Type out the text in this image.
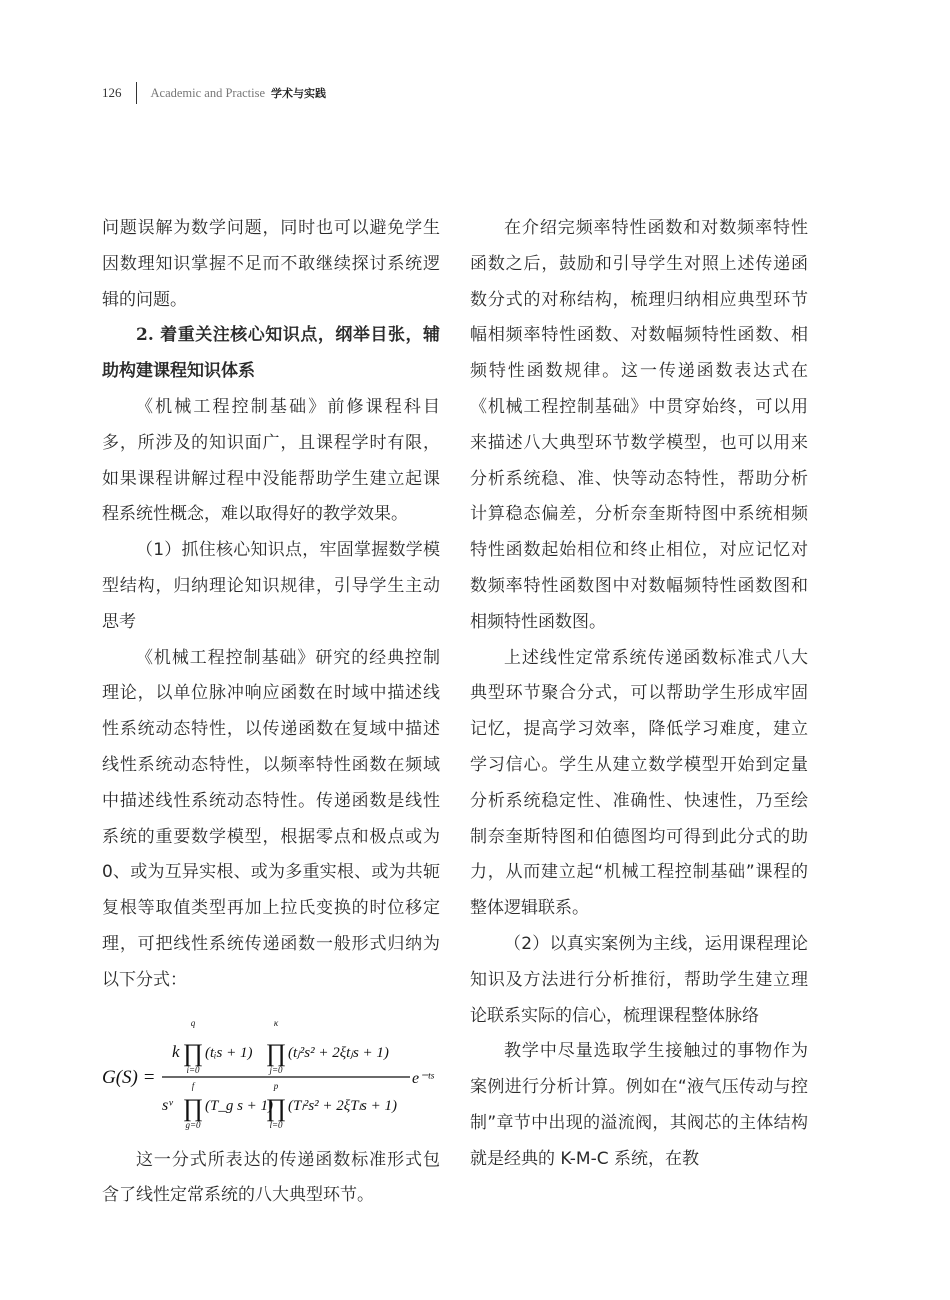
126 Academic and Practise 学术与实践

问题误解为数学问题，同时也可以避免学生因数理知识掌握不足而不敢继续探讨系统逻辑的问题。

2. 着重关注核心知识点，纲举目张，辅助构建课程知识体系

《机械工程控制基础》前修课程科目多，所涉及的知识面广，且课程学时有限，如果课程讲解过程中没能帮助学生建立起课程系统性概念，难以取得好的教学效果。

（1）抓住核心知识点，牢固掌握数学模型结构，归纳理论知识规律，引导学生主动思考

《机械工程控制基础》研究的经典控制理论，以单位脉冲响应函数在时域中描述线性系统动态特性，以传递函数在复域中描述线性系统动态特性，以频率特性函数在频域中描述线性系统动态特性。传递函数是线性系统的重要数学模型，根据零点和极点或为 0、或为互异实根、或为多重实根、或为共轭复根等取值类型再加上拉氏变换的时位移定理，可把线性系统传递函数一般形式归纳为以下分式：

G(S) =
k
q
∏
i=0
(tᵢs + 1)
κ
∏
j=0
(tⱼ²s² + 2ξtⱼs + 1)
e⁻ᵗˢ
sᵛ
f
∏
g=0
(T_g s + 1)
p
∏
l=0
(Tₗ²s² + 2ξTₗs + 1)

这一分式所表达的传递函数标准形式包含了线性定常系统的八大典型环节。

在介绍完频率特性函数和对数频率特性函数之后，鼓励和引导学生对照上述传递函数分式的对称结构，梳理归纳相应典型环节幅相频率特性函数、对数幅频特性函数、相频特性函数规律。这一传递函数表达式在《机械工程控制基础》中贯穿始终，可以用来描述八大典型环节数学模型，也可以用来分析系统稳、准、快等动态特性，帮助分析计算稳态偏差，分析奈奎斯特图中系统相频特性函数起始相位和终止相位，对应记忆对数频率特性函数图中对数幅频特性函数图和相频特性函数图。

上述线性定常系统传递函数标准式八大典型环节聚合分式，可以帮助学生形成牢固记忆，提高学习效率，降低学习难度，建立学习信心。学生从建立数学模型开始到定量分析系统稳定性、准确性、快速性，乃至绘制奈奎斯特图和伯德图均可得到此分式的助力，从而建立起“机械工程控制基础”课程的整体逻辑联系。

（2）以真实案例为主线，运用课程理论知识及方法进行分析推衍，帮助学生建立理论联系实际的信心，梳理课程整体脉络

教学中尽量选取学生接触过的事物作为案例进行分析计算。例如在“液气压传动与控制”章节中出现的溢流阀，其阀芯的主体结构就是经典的 K-M-C 系统，在教
